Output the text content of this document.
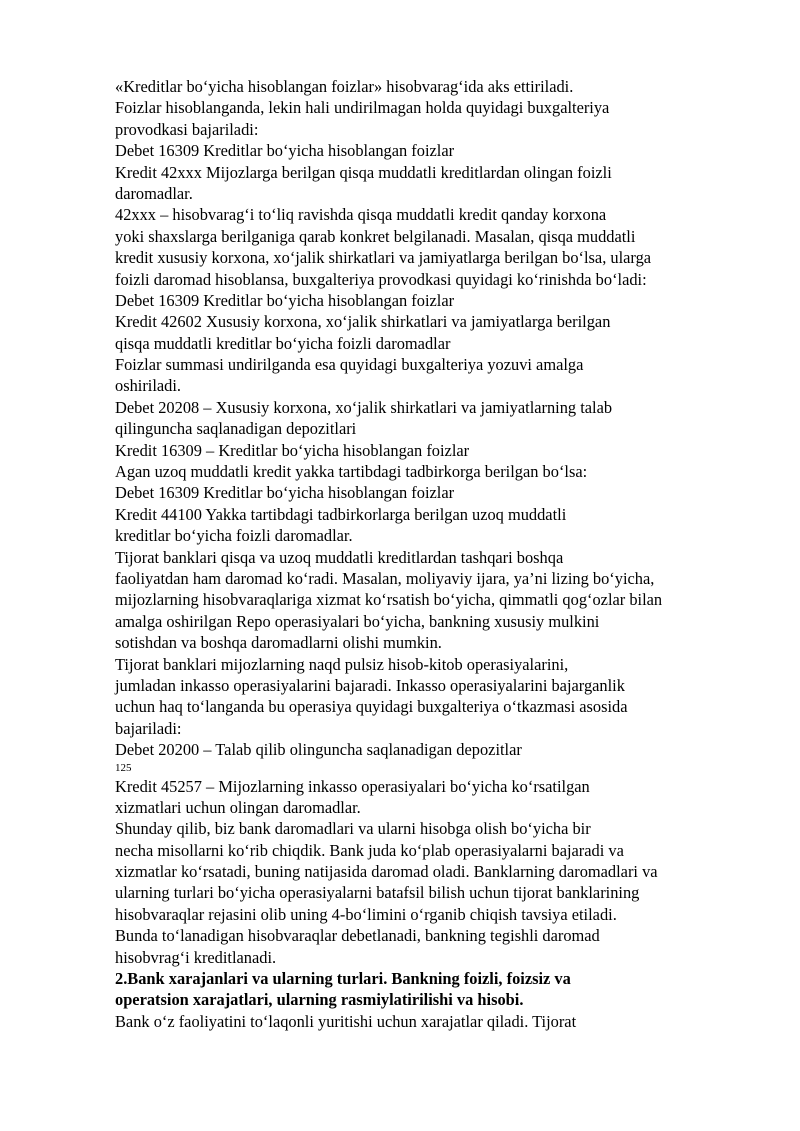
«Kreditlar bo‘yicha hisoblangan foizlar» hisobvarag‘ida aks ettiriladi.
Foizlar hisoblanganda, lekin hali undirilmagan holda quyidagi buxgalteriya
provodkasi bajariladi:
Debet 16309 Kreditlar bo‘yicha hisoblangan foizlar
Kredit 42xxx Mijozlarga berilgan qisqa muddatli kreditlardan olingan foizli
daromadlar.
42xxx – hisobvarag‘i to‘liq ravishda qisqa muddatli kredit qanday korxona
yoki shaxslarga berilganiga qarab konkret belgilanadi. Masalan, qisqa muddatli
kredit xususiy korxona, xo‘jalik shirkatlari va jamiyatlarga berilgan bo‘lsa, ularga
foizli daromad hisoblansa, buxgalteriya provodkasi quyidagi ko‘rinishda bo‘ladi:
Debet 16309 Kreditlar bo‘yicha hisoblangan foizlar
Kredit 42602 Xususiy korxona, xo‘jalik shirkatlari va jamiyatlarga berilgan
qisqa muddatli kreditlar bo‘yicha foizli daromadlar
Foizlar summasi undirilganda esa quyidagi buxgalteriya yozuvi amalga
oshiriladi.
Debet 20208 – Xususiy korxona, xo‘jalik shirkatlari va jamiyatlarning talab
qilinguncha saqlanadigan depozitlari
Kredit 16309 – Kreditlar bo‘yicha hisoblangan foizlar
Agan uzoq muddatli kredit yakka tartibdagi tadbirkorga berilgan bo‘lsa:
Debet 16309 Kreditlar bo‘yicha hisoblangan foizlar
Kredit 44100 Yakka tartibdagi tadbirkorlarga berilgan uzoq muddatli
kreditlar bo‘yicha foizli daromadlar.
Tijorat banklari qisqa va uzoq muddatli kreditlardan tashqari boshqa
faoliyatdan ham daromad ko‘radi. Masalan, moliyaviy ijara, ya’ni lizing bo‘yicha,
mijozlarning hisobvaraqlariga xizmat ko‘rsatish bo‘yicha, qimmatli qog‘ozlar bilan
amalga oshirilgan Repo operasiyalari bo‘yicha, bankning xususiy mulkini
sotishdan va boshqa daromadlarni olishi mumkin.
Tijorat banklari mijozlarning naqd pulsiz hisob-kitob operasiyalarini,
jumladan inkasso operasiyalarini bajaradi. Inkasso operasiyalarini bajarganlik
uchun haq to‘langanda bu operasiya quyidagi buxgalteriya o‘tkazmasi asosida
bajariladi:
Debet 20200 – Talab qilib olinguncha saqlanadigan depozitlar
125
Kredit 45257 – Mijozlarning inkasso operasiyalari bo‘yicha ko‘rsatilgan
xizmatlari uchun olingan daromadlar.
Shunday qilib, biz bank daromadlari va ularni hisobga olish bo‘yicha bir
necha misollarni ko‘rib chiqdik. Bank juda ko‘plab operasiyalarni bajaradi va
xizmatlar ko‘rsatadi, buning natijasida daromad oladi. Banklarning daromadlari va
ularning turlari bo‘yicha operasiyalarni batafsil bilish uchun tijorat banklarining
hisobvaraqlar rejasini olib uning 4-bo‘limini o‘rganib chiqish tavsiya etiladi.
Bunda to‘lanadigan hisobvaraqlar debetlanadi, bankning tegishli daromad
hisobvrag‘i kreditlanadi.
2.Bank xarajanlari va ularning turlari. Bankning foizli, foizsiz va
operatsion xarajatlari, ularning rasmiylatirilishi va hisobi.
Bank o‘z faoliyatini to‘laqonli yuritishi uchun xarajatlar qiladi. Tijorat
